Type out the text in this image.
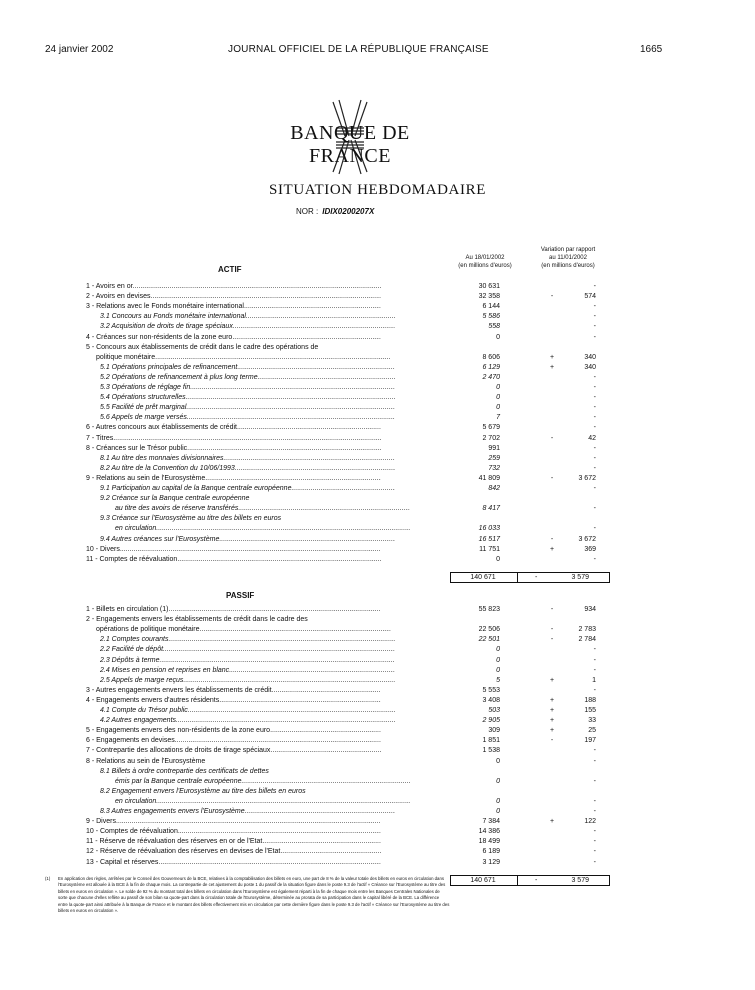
24 janvier 2002	JOURNAL OFFICIEL DE LA RÉPUBLIQUE FRANÇAISE	1665
BANQUE DE FRANCE
SITUATION HEBDOMADAIRE
NOR : IDIX0200207X
Au 18/01/2002
(en millions d'euros)
Variation par rapport
au 11/01/2002
(en millions d'euros)
ACTIF
1 - Avoirs en or .....	30 631	-
2 - Avoirs en devises .....	32 358	-	574
3 - Relations avec le Fonds monétaire international .....	6 144	-
3.1 Concours au Fonds monétaire international .....	5 586	-
3.2 Acquisition de droits de tirage spéciaux .....	558	-
4 - Créances sur non-résidents de la zone euro .....	0	-
5 - Concours aux établissements de crédit dans le cadre des opérations de
politique monétaire .....	8 606	+	340
5.1 Opérations principales de refinancement .....	6 129	+	340
5.2 Opérations de refinancement à plus long terme .....	2 470	-
5.3 Opérations de réglage fin .....	0	-
5.4 Opérations structurelles .....	0	-
5.5 Facilité de prêt marginal .....	0	-
5.6 Appels de marge versés .....	7	-
6 - Autres concours aux établissements de crédit .....	5 679	-
7 - Titres .....	2 702	-	42
8 - Créances sur le Trésor public .....	991	-
8.1 Au titre des monnaies divisionnaires .....	259	-
8.2 Au titre de la Convention du 10/06/1993 .....	732	-
9 - Relations au sein de l'Eurosystème .....	41 809	-	3 672
9.1 Participation au capital de la Banque centrale européenne .....	842	-
9.2 Créance sur la Banque centrale européenne
au titre des avoirs de réserve transférés .....	8 417	-
9.3 Créance sur l'Eurosystème au titre des billets en euros
en circulation .....	16 033	-
9.4 Autres créances sur l'Eurosystème .....	16 517	-	3 672
10 - Divers .....	11 751	+	369
11 - Comptes de réévaluation .....	0	-
140 671	-	3 579
PASSIF
1 - Billets en circulation (1) .....	55 823	-	934
2 - Engagements envers les établissements de crédit dans le cadre des
opérations de politique monétaire .....	22 506	-	2 783
2.1 Comptes courants .....	22 501	-	2 784
2.2 Facilité de dépôt .....	0	-
2.3 Dépôts à terme .....	0	-
2.4 Mises en pension et reprises en blanc .....	0	-
2.5 Appels de marge reçus .....	5	+	1
3 - Autres engagements envers les établissements de crédit .....	5 553	-
4 - Engagements envers d'autres résidents .....	3 408	+	188
4.1 Compte du Trésor public .....	503	+	155
4.2 Autres engagements .....	2 905	+	33
5 - Engagements envers des non-résidents de la zone euro .....	309	+	25
6 - Engagements en devises .....	1 851	-	197
7 - Contrepartie des allocations de droits de tirage spéciaux .....	1 538	-
8 - Relations au sein de l'Eurosystème	0	-
8.1 Billets à ordre contrepartie des certificats de dettes
émis par la Banque centrale européenne .....	0	-
8.2 Engagement envers l'Eurosystème au titre des billets en euros
en circulation .....	0	-
8.3 Autres engagements envers l'Eurosystème .....	0	-
9 - Divers .....	7 384	+	122
10 - Comptes de réévaluation .....	14 386	-
11 - Réserve de réévaluation des réserves en or de l'Etat .....	18 499	-
12 - Réserve de réévaluation des réserves en devises de l'Etat .....	6 189	-
13 - Capital et réserves .....	3 129	-
140 671	-	3 579
(1) En application des règles, arrêtées par le Conseil des Gouverneurs de la BCE, relatives à la comptabilisation des billets en euro, une part de 8 % de la valeur totale des billets en euros en circulation dans l'Eurosystème est allouée à la BCE à la fin de chaque mois. La contrepartie de cet ajustement du poste 1 du passif de la situation figure dans le poste 9.3 de l'actif « Créance sur l'Eurosystème au titre des billets en euros en circulation ». Le solde de 92 % du montant total des billets en circulation dans l'Eurosystème est également réparti à la fin de chaque mois entre les Banques Centrales Nationales de sorte que chacune d'elles reflète au passif de son bilan sa quote-part dans la circulation totale de l'Eurosystème, déterminée au prorata de sa participation dans le capital libéré de la BCE. La différence entre la quote-part ainsi attribuée à la Banque de France et le montant des billets effectivement mis en circulation par cette dernière figure dans le poste 9.3 de l'actif « Créance sur l'Eurosystème au titre des billets en euros en circulation ».
